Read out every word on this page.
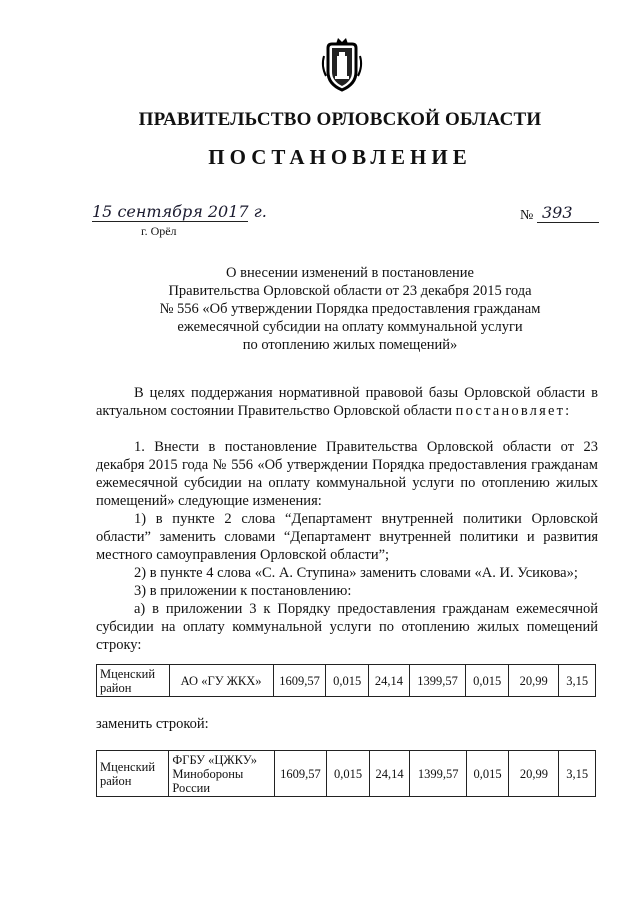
ПРАВИТЕЛЬСТВО ОРЛОВСКОЙ ОБЛАСТИ
ПОСТАНОВЛЕНИЕ
15 сентября 2017 г.
г. Орёл
№ 393
О внесении изменений в постановление
Правительства Орловской области от 23 декабря 2015 года
№ 556 «Об утверждении Порядка предоставления гражданам
ежемесячной субсидии на оплату коммунальной услуги
по отоплению жилых помещений»
В целях поддержания нормативной правовой базы Орловской области в актуальном состоянии Правительство Орловской области постановляет:
1. Внести в постановление Правительства Орловской области от 23 декабря 2015 года № 556 «Об утверждении Порядка предоставления гражданам ежемесячной субсидии на оплату коммунальной услуги по отоплению жилых помещений» следующие изменения:
1) в пункте 2 слова “Департамент внутренней политики Орловской области” заменить словами “Департамент внутренней политики и развития местного самоуправления Орловской области”;
2) в пункте 4 слова «С. А. Ступина» заменить словами «А. И. Усикова»;
3) в приложении к постановлению:
а) в приложении 3 к Порядку предоставления гражданам ежемесячной субсидии на оплату коммунальной услуги по отоплению жилых помещений строку:
Мценский район	АО «ГУ ЖКХ»	1609,57	0,015	24,14	1399,57	0,015	20,99	3,15
заменить строкой:
Мценский район	ФГБУ «ЦЖКУ» Минобороны России	1609,57	0,015	24,14	1399,57	0,015	20,99	3,15
